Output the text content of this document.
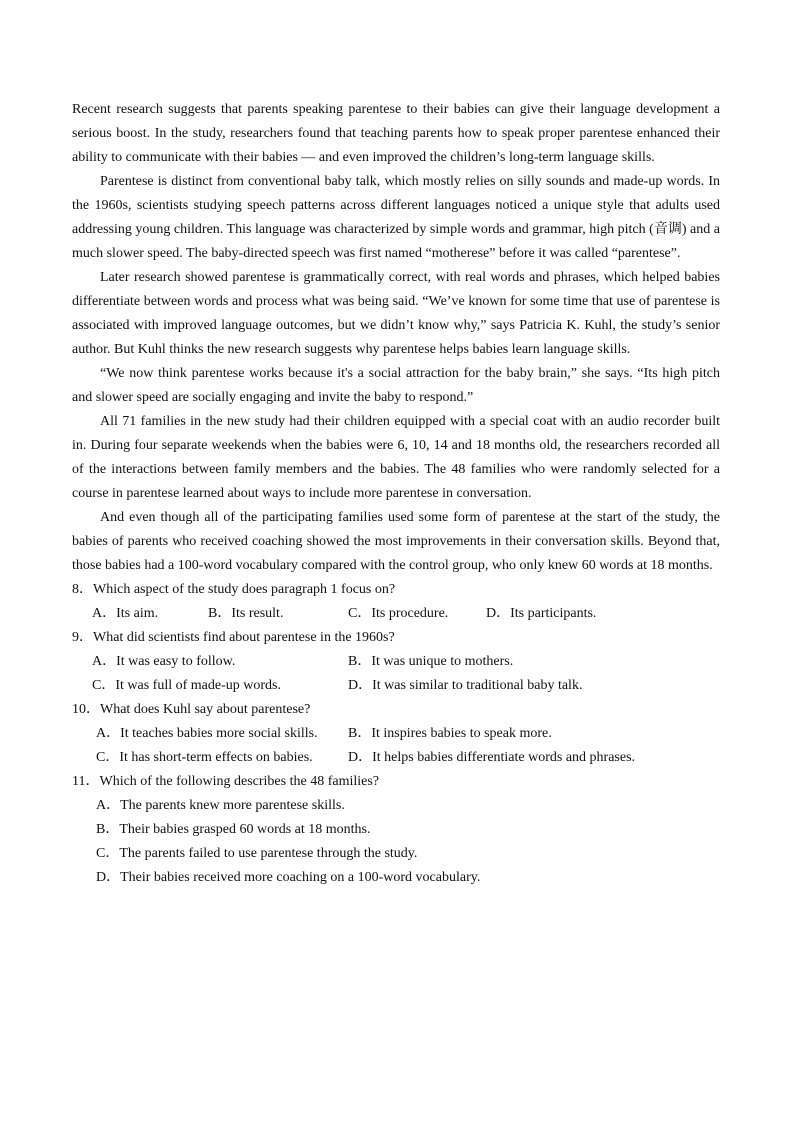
Recent research suggests that parents speaking parentese to their babies can give their language development a serious boost. In the study, researchers found that teaching parents how to speak proper parentese enhanced their ability to communicate with their babies — and even improved the children’s long-term language skills.

Parentese is distinct from conventional baby talk, which mostly relies on silly sounds and made-up words. In the 1960s, scientists studying speech patterns across different languages noticed a unique style that adults used addressing young children. This language was characterized by simple words and grammar, high pitch (音调) and a much slower speed. The baby-directed speech was first named “motherese” before it was called “parentese”.

Later research showed parentese is grammatically correct, with real words and phrases, which helped babies differentiate between words and process what was being said. “We’ve known for some time that use of parentese is associated with improved language outcomes, but we didn’t know why,” says Patricia K. Kuhl, the study’s senior author. But Kuhl thinks the new research suggests why parentese helps babies learn language skills.

“We now think parentese works because it's a social attraction for the baby brain,” she says. “Its high pitch and slower speed are socially engaging and invite the baby to respond.”

All 71 families in the new study had their children equipped with a special coat with an audio recorder built in. During four separate weekends when the babies were 6, 10, 14 and 18 months old, the researchers recorded all of the interactions between family members and the babies. The 48 families who were randomly selected for a course in parentese learned about ways to include more parentese in conversation.

And even though all of the participating families used some form of parentese at the start of the study, the babies of parents who received coaching showed the most improvements in their conversation skills. Beyond that, those babies had a 100-word vocabulary compared with the control group, who only knew 60 words at 18 months.

8．Which aspect of the study does paragraph 1 focus on?

A．Its aim.	B．Its result.	C．Its procedure.	D．Its participants.

9．What did scientists find about parentese in the 1960s?

A．It was easy to follow.	B．It was unique to mothers.
C．It was full of made-up words.	D．It was similar to traditional baby talk.

10．What does Kuhl say about parentese?

A．It teaches babies more social skills. B．It inspires babies to speak more.
C．It has short-term effects on babies.	D．It helps babies differentiate words and phrases.

11．Which of the following describes the 48 families?

A．The parents knew more parentese skills.
B．Their babies grasped 60 words at 18 months.
C．The parents failed to use parentese through the study.
D．Their babies received more coaching on a 100-word vocabulary.
